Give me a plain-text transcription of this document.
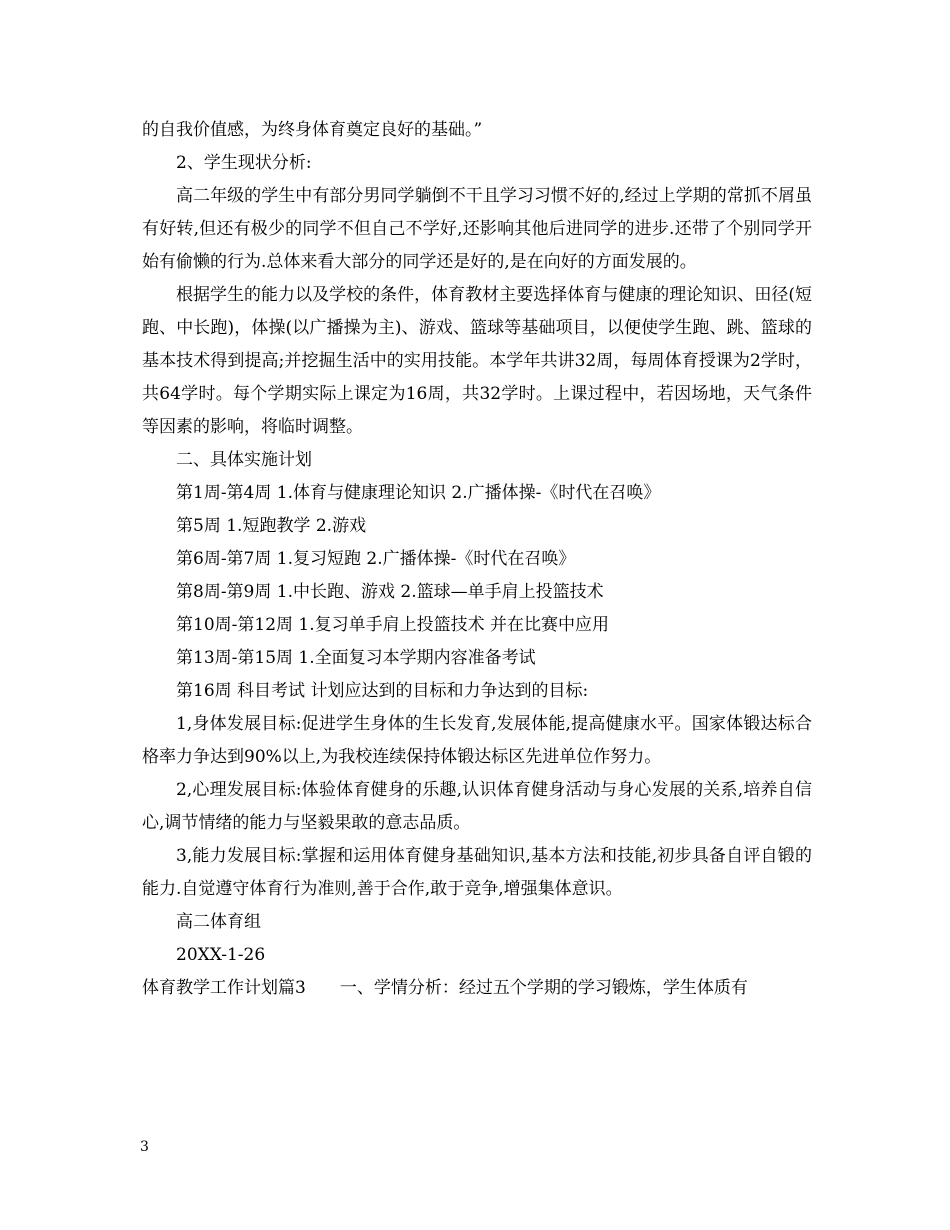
的自我价值感，为终身体育奠定良好的基础。”

2、学生现状分析:

高二年级的学生中有部分男同学躺倒不干且学习习惯不好的,经过上学期的常抓不屑虽有好转,但还有极少的同学不但自己不学好,还影响其他后进同学的进步.还带了个别同学开始有偷懒的行为.总体来看大部分的同学还是好的,是在向好的方面发展的。

根据学生的能力以及学校的条件，体育教材主要选择体育与健康的理论知识、田径(短跑、中长跑)，体操(以广播操为主)、游戏、篮球等基础项目，以便使学生跑、跳、篮球的基本技术得到提高;并挖掘生活中的实用技能。本学年共讲32周，每周体育授课为2学时，共64学时。每个学期实际上课定为16周，共32学时。上课过程中，若因场地，天气条件等因素的影响，将临时调整。

二、具体实施计划

第1周-第4周 1.体育与健康理论知识 2.广播体操-《时代在召唤》

第5周 1.短跑教学 2.游戏

第6周-第7周 1.复习短跑 2.广播体操-《时代在召唤》

第8周-第9周 1.中长跑、游戏 2.篮球—单手肩上投篮技术

第10周-第12周 1.复习单手肩上投篮技术 并在比赛中应用

第13周-第15周 1.全面复习本学期内容准备考试

第16周 科目考试 计划应达到的目标和力争达到的目标:

1,身体发展目标:促进学生身体的生长发育,发展体能,提高健康水平。国家体锻达标合格率力争达到90%以上,为我校连续保持体锻达标区先进单位作努力。

2,心理发展目标:体验体育健身的乐趣,认识体育健身活动与身心发展的关系,培养自信心,调节情绪的能力与坚毅果敢的意志品质。

3,能力发展目标:掌握和运用体育健身基础知识,基本方法和技能,初步具备自评自锻的能力.自觉遵守体育行为准则,善于合作,敢于竞争,增强集体意识。

高二体育组

20XX-1-26

体育教学工作计划篇3　　一、学情分析：经过五个学期的学习锻炼，学生体质有

3
